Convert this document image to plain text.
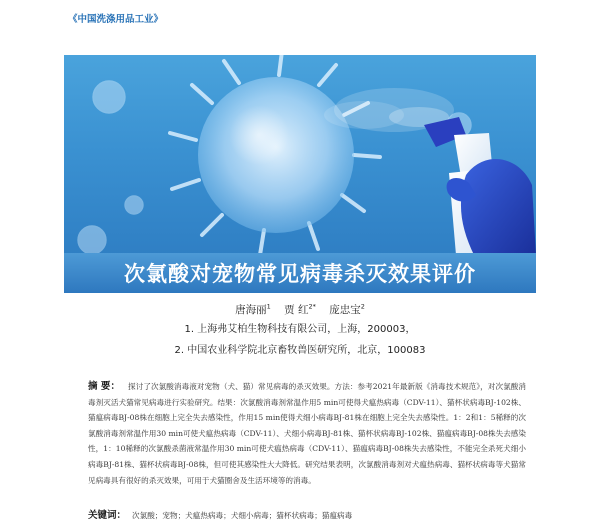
《中国洗涤用品工业》
次氯酸对宠物常见病毒杀灭效果评价
唐海丽$^1$ 贾 红$^{2*}$ 庞忠宝$^2$
1. 上海弗艾柏生物科技有限公司，上海，200003，
2. 中国农业科学院北京畜牧兽医研究所，北京，100083
摘 要： 探讨了次氯酸消毒液对宠物（犬、猫）常见病毒的杀灭效果。方法：参考2021年最新版《消毒技术规范》，对次氯酸消毒剂灭活犬猫常见病毒进行实验研究。结果：次氯酸消毒剂常温作用5 min可使得犬瘟热病毒（CDV-11）、猫杯状病毒BJ-102株、猫瘟病毒BJ-08株在细胞上完全失去感染性，作用15 min使得犬细小病毒BJ-81株在细胞上完全失去感染性。1：2和1：5稀释的次氯酸消毒剂常温作用30 min可使犬瘟热病毒（CDV-11）、犬细小病毒BJ-81株、猫杯状病毒BJ-102株、猫瘟病毒BJ-08株失去感染性，1：10稀释的次氯酸杀菌液常温作用30 min可使犬瘟热病毒（CDV-11）、猫瘟病毒BJ-08株失去感染性，不能完全杀死犬细小病毒BJ-81株、猫杯状病毒BJ-08株，但可使其感染性大大降低。研究结果表明，次氯酸消毒剂对犬瘟热病毒、猫杯状病毒等犬猫常见病毒具有很好的杀灭效果，可用于犬猫圈舍及生活环境等的消毒。
关键词： 次氯酸；宠物；犬瘟热病毒；犬细小病毒；猫杯状病毒；猫瘟病毒
